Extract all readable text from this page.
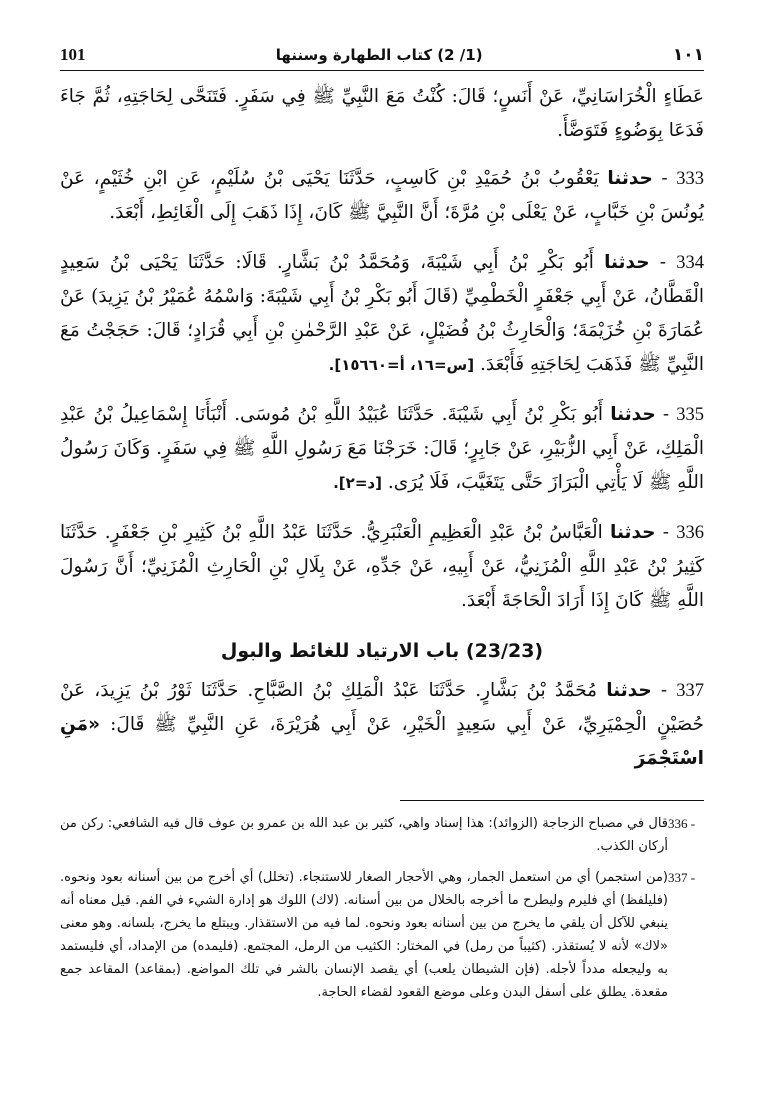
101	(1/ 2) كتاب الطهارة وسننها	١٠١

عَطَاءٍ الْخُرَاسَانِيِّ، عَنْ أَنَسٍ؛ قَالَ: كُنْتُ مَعَ النَّبِيِّ ﷺ فِي سَفَرٍ. فَتَنَحَّى لِحَاجَتِهِ، ثُمَّ جَاءَ فَدَعَا بِوَضُوءٍ فَتَوَضَّأَ.

333 - حدثنا يَعْقُوبُ بْنُ حُمَيْدِ بْنِ كَاسِبٍ، حَدَّثَنَا يَحْيَى بْنُ سُلَيْمٍ، عَنِ ابْنِ خُثَيْمٍ، عَنْ يُونُسَ بْنِ خَبَّابٍ، عَنْ يَعْلَى بْنِ مُرَّةَ؛ أَنَّ النَّبِيَّ ﷺ كَانَ، إِذَا ذَهَبَ إِلَى الْغَائِطِ، أَبْعَدَ.

334 - حدثنا أَبُو بَكْرِ بْنُ أَبِي شَيْبَةَ، وَمُحَمَّدُ بْنُ بَشَّارٍ. قَالَا: حَدَّثَنَا يَحْيَى بْنُ سَعِيدٍ الْقَطَّانُ، عَنْ أَبِي جَعْفَرٍ الْخَطْمِيِّ (قَالَ أَبُو بَكْرِ بْنُ أَبِي شَيْبَةَ: وَاسْمُهُ عُمَيْرُ بْنُ يَزِيدَ) عَنْ عُمَارَةَ بْنِ خُزَيْمَةَ؛ وَالْحَارِثُ بْنُ فُضَيْلٍ، عَنْ عَبْدِ الرَّحْمٰنِ بْنِ أَبِي قُرَادٍ؛ قَالَ: حَجَجْتُ مَعَ النَّبِيِّ ﷺ فَذَهَبَ لِحَاجَتِهِ فَأَبْعَدَ. [س=١٦، أ=١٥٦٦٠].

335 - حدثنا أَبُو بَكْرِ بْنُ أَبِي شَيْبَةَ. حَدَّثَنَا عُبَيْدُ اللَّهِ بْنُ مُوسَى. أَنْبَأَنَا إِسْمَاعِيلُ بْنُ عَبْدِ الْمَلِكِ، عَنْ أَبِي الزُّبَيْرِ، عَنْ جَابِرٍ؛ قَالَ: خَرَجْنَا مَعَ رَسُولِ اللَّهِ ﷺ فِي سَفَرٍ. وَكَانَ رَسُولُ اللَّهِ ﷺ لَا يَأْتِي الْبَرَازَ حَتَّى يَتَغَيَّبَ، فَلَا يُرَى. [د=٢].

336 - حدثنا الْعَبَّاسُ بْنُ عَبْدِ الْعَظِيمِ الْعَنْبَرِيُّ. حَدَّثَنَا عَبْدُ اللَّهِ بْنُ كَثِيرِ بْنِ جَعْفَرٍ. حَدَّثَنَا كَثِيرُ بْنُ عَبْدِ اللَّهِ الْمُزَنِيُّ، عَنْ أَبِيهِ، عَنْ جَدِّهِ، عَنْ بِلَالِ بْنِ الْحَارِثِ الْمُزَنِيِّ؛ أَنَّ رَسُولَ اللَّهِ ﷺ كَانَ إِذَا أَرَادَ الْحَاجَةَ أَبْعَدَ.

(23/23) باب الارتياد للغائط والبول

337 - حدثنا مُحَمَّدُ بْنُ بَشَّارٍ. حَدَّثَنَا عَبْدُ الْمَلِكِ بْنُ الصَّبَّاحِ. حَدَّثَنَا ثَوْرُ بْنُ يَزِيدَ، عَنْ حُصَيْنٍ الْحِمْيَرِيِّ، عَنْ أَبِي سَعِيدٍ الْخَيْرِ، عَنْ أَبِي هُرَيْرَةَ، عَنِ النَّبِيِّ ﷺ قَالَ: «مَنِ اسْتَجْمَرَ

336 -
قال في مصباح الزجاجة (الزوائد): هذا إسناد واهي، كثير بن عبد الله بن عمرو بن عوف قال فيه الشافعي: ركن من أركان الكذب.
337 -
(من استجمر) أي من استعمل الجمار، وهي الأحجار الصغار للاستنجاء. (تخلل) أي أخرج من بين أسنانه بعود ونحوه. (فليلفظ) أي فليرم وليطرح ما أخرجه بالخلال من بين أسنانه. (لاك) اللوك هو إدارة الشيء في الفم. قيل معناه أنه ينبغي للآكل أن يلقي ما يخرج من بين أسنانه بعود ونحوه. لما فيه من الاستقذار. ويبتلع ما يخرج، بلسانه. وهو معنى «لاك» لأنه لا يُستقذر. (كثيباً من رمل) في المختار: الكثيب من الرمل، المجتمع. (فليمده) من الإمداد، أي فليستمد به وليجعله مدداً لأجله. (فإن الشيطان يلعب) أي يقصد الإنسان بالشر في تلك المواضع. (بمقاعد) المقاعد جمع مقعدة. يطلق على أسفل البدن وعلى موضع القعود لقضاء الحاجة.
